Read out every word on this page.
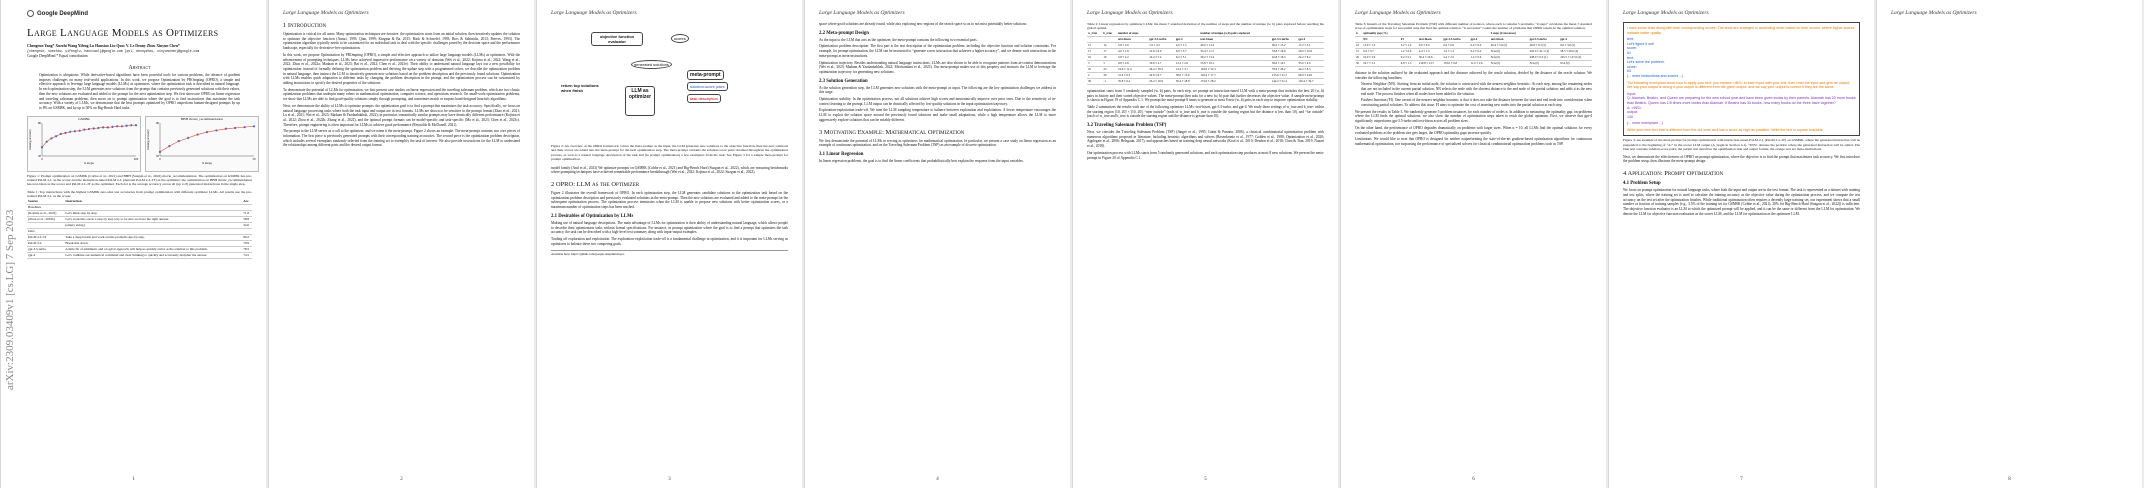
arXiv:2309.03409v1 [cs.LG] 7 Sep 2023
Google DeepMind
Large Language Models as Optimizers
Chengrun Yang* Xuezhi Wang Yifeng Lu Hanxiao Liu Quoc V. Le Denny Zhou Xinyun Chen*
{chengrun, xuezhiw, yifenglu, hanxiaol}@google.com {qvl, dennyzhou, xinyunchen}@google.com
Google DeepMind * Equal contribution
Abstract
Optimization is ubiquitous. While derivative-based algorithms have been powerful tools for various problems, the absence of gradient imposes challenges on many real-world applications. In this work, we propose Optimization by PROmpting (OPRO), a simple and effective approach to leverage large language models (LLMs) as optimizers, where the optimization task is described in natural language. In each optimization step, the LLM generates new solutions from the prompt that contains previously generated solutions with their values, then the new solutions are evaluated and added to the prompt for the next optimization step. We first showcase OPRO on linear regression and traveling salesman problems, then move on to prompt optimization where the goal is to find instructions that maximize the task accuracy. With a variety of LLMs, we demonstrate that the best prompts optimized by OPRO outperform human-designed prompts by up to 8% on GSM8K, and by up to 50% on Big-Bench Hard tasks.
GSM8K
# steps
training accuracy
50
80
0	200
BBH movie_recommendation
# steps
training accuracy
50
90
0	50
Figure 1: Prompt optimization on GSM8K (Cobbe et al., 2021) and BBH (Suzgun et al., 2022) movie_recommendation. The optimization on GSM8K has pre-trained PaLM 2-L as the scorer and the instruction-tuned PaLM 2-L (denoted PaLM 2-L-IT) as the optimizer; the optimization on BBH movie_recommendation has text-bison as the scorer and PaLM 2-L-IT as the optimizer. Each dot is the average accuracy across all (up to 8) generated instructions in the single step.
Table 1: Top instructions with the highest GSM8K zero-shot test accuracies from prompt optimization with different optimizer LLMs. All results use the pre-trained PaLM 2-L as the scorer.
Source	Instruction	Acc
Baselines		
(Kojima et al., 2022)	Let's think step by step.	71.8
(Zhou et al., 2022b)	Let's work this out in a step by step way to be sure we have the right answer.	58.8
	(empty string)	34.0
Ours		
PaLM 2-L-IT	Take a deep breath and work on this problem step-by-step.	80.2
PaLM 2-L	Break this down.	79.9
gpt-3.5-turbo	A little bit of arithmetic and a logical approach will help us quickly arrive at the solution to this problem.	78.5
gpt-4	Let's combine our numerical command and clear thinking to quickly and accurately decipher the answer.	74.5
1
Large Language Models as Optimizers
1 Introduction

Optimization is critical for all areas. Many optimization techniques are iterative: the optimization starts from an initial solution, then iteratively updates the solution to optimize the objective function (Amari, 1993; Qian, 1999; Kingma & Ba, 2015; Bäck & Schwefel, 1993; Rios & Sahinidis, 2013; Reeves, 1993). The optimization algorithm typically needs to be customized for an individual task to deal with the specific challenges posed by the decision space and the performance landscape, especially for derivative-free optimization.

In this work, we propose Optimization by PROmpting (OPRO), a simple and effective approach to utilize large language models (LLMs) as optimizers. With the advancement of prompting techniques, LLMs have achieved impressive performance on a variety of domains (Wei et al., 2022; Kojima et al., 2022; Wang et al., 2022; Zhou et al., 2022a; Madaan et al., 2023; Bai et al., 2022; Chen et al., 2023e). Their ability to understand natural language lays out a new possibility for optimization: instead of formally defining the optimization problem and deriving the update step with a programmed solver, we describe the optimization problem in natural language, then instruct the LLM to iteratively generate new solutions based on the problem description and the previously found solutions. Optimization with LLMs enables quick adaptation to different tasks by changing the problem description in the prompt, and the optimization process can be customized by adding instructions to specify the desired properties of the solutions.

To demonstrate the potential of LLMs for optimization, we first present case studies on linear regression and the traveling salesman problem, which are two classic optimization problems that underpin many others in mathematical optimization, computer science, and operations research. On small-scale optimization problems, we show that LLMs are able to find good-quality solutions simply through prompting, and sometimes match or surpass hand-designed heuristic algorithms.

Next, we demonstrate the ability of LLMs to optimize prompts: the optimization goal is to find a prompt that maximizes the task accuracy. Specifically, we focus on natural language processing tasks where both the task input and output are in text formats. LLMs are shown to be sensitive to the prompt format (Zhao et al., 2021; Lu et al., 2021; Wei et al., 2023; Madaan & Yazdanbakhsh, 2022); in particular, semantically similar prompts may have drastically different performance (Kojima et al., 2022; Zhou et al., 2022b; Zhang et al., 2022), and the optimal prompt formats can be model-specific and task-specific (Ma et al., 2023; Chen et al., 2023c). Therefore, prompt engineering is often important for LLMs to achieve good performance (Reynolds & McDonell, 2021).

The prompt to the LLM serves as a call to the optimizer, and we name it the meta-prompt. Figure 2 shows an example. The meta-prompt contains two core pieces of information. The first piece is previously generated prompts with their corresponding training accuracies. The second piece is the optimization problem description, which includes several exemplars randomly selected from the training set to exemplify the task of interest. We also provide instructions for the LLM to understand the relationships among different parts and the desired output format.

2
Large Language Models as Optimizers
objective function evaluator
scores
generated solutions
LLM as optimizer
return top solutions when finish
meta-prompt
solution-score pairs
task description
Figure 2: An overview of the OPRO framework. Given the meta-prompt as the input, the LLM generates new solutions to the objective function, then the new solutions and their scores are added into the meta-prompt for the next optimization step. The meta-prompt contains the solution-score pairs obtained throughout the optimization process, as well as a natural language description of the task and (in prompt optimization) a few exemplars from the task. See Figure 3 for a sample meta-prompt for prompt optimization.

model family (Anil et al., 2023) We optimize prompts on GSM8K (Cobbe et al., 2021) and Big-Bench Hard (Suzgun et al., 2022), which are reasoning benchmarks where prompting techniques have achieved remarkable performance breakthrough (Wei et al., 2022; Kojima et al., 2022; Suzgun et al., 2022).

2 OPRO: LLM as the Optimizer

Figure 2 illustrates the overall framework of OPRO. In each optimization step, the LLM generates candidate solutions to the optimization task based on the optimization problem description and previously evaluated solutions in the meta-prompt. Then the new solutions are evaluated and added to the meta-prompt for the subsequent optimization process. The optimization process terminates when the LLM is unable to propose new solutions with better optimization scores, or a maximum number of optimization steps has been reached.

2.1 Desirables of Optimization by LLMs

Making use of natural language descriptions. The main advantage of LLMs for optimization is their ability of understanding natural language, which allows people to describe their optimization tasks without formal specifications. For instance, in prompt optimization where the goal is to find a prompt that optimizes the task accuracy, the task can be described with a high-level text summary along with input-output examples.

Trading off exploration and exploitation. The exploration-exploitation trade-off is a fundamental challenge in optimization, and it is important for LLMs serving as optimizers to balance these two competing goals.

Available here: https://github.com/google-deepmind/opro
3
Large Language Models as Optimizers

space where good solutions are already found, while also exploring new regions of the search space so as to not miss potentially better solutions.

2.2 Meta-prompt Design

As the input to the LLM that acts as the optimizer, the meta-prompt contains the following two essential parts.

Optimization problem description. The first part is the text description of the optimization problem, including the objective function and solution constraints. For example, for prompt optimization, the LLM can be instructed to “generate a new instruction that achieves a higher accuracy”, and we denote such instructions in the meta-prompt as meta-instructions.

Optimization trajectory. Besides understanding natural language instructions, LLMs are also shown to be able to recognize patterns from in-context demonstrations (Wei et al., 2023; Madaan & Yazdanbakhsh, 2022; Mirchandani et al., 2023). Our meta-prompt makes use of this property and instructs the LLM to leverage the optimization trajectory for generating new solutions.

2.3 Solution Generation

At the solution generation step, the LLM generates new solutions with the meta-prompt as input. The following are the key optimization challenges we address in this stage.

Optimization stability. In the optimization process, not all solutions achieve high scores and monotonically improve over prior ones. Due to the sensitivity of in-context learning to the prompt, LLM output can be drastically affected by low-quality solutions in the input optimization trajectory.

Exploration-exploitation trade-off. We tune the LLM sampling temperature to balance between exploration and exploitation. A lower temperature encourages the LLM to exploit the solution space around the previously found solutions and make small adaptations, while a high temperature allows the LLM to more aggressively explore solutions that can be notably different.

3 Motivating Example: Mathematical Optimization

We first demonstrate the potential of LLMs in serving as optimizers for mathematical optimization. In particular, we present a case study on linear regression as an example of continuous optimization, and on the Traveling Salesman Problem (TSP) as an example of discrete optimization.

3.1 Linear Regression

In linear regression problems, the goal is to find the linear coefficients that probabilistically best explain the response from the input variables.

4
Large Language Models as Optimizers
Table 2: Linear regression by optimizer LLMs: the mean ± standard deviation of the number of steps and the number of unique (w, b) pairs explored before reaching the global optima.
w_true	b_true	number of steps				number of unique (w,b) pairs explored			
		text-bison	gpt-3.5-turbo	gpt-4		text-bison	gpt-3.5-turbo	gpt-4	
15	14	5.8 ± 2.6	7.6 ± 4.5	4.0 ± 1.5		40.0 ± 12.4	36.0 ± 15.2	17.2 ± 5.1	
17	17	4.0 ± 1.8	12.6 ± 6.0	6.0 ± 3.7		33.4 ± 11.7	53.8 ± 16.9	26.0 ± 10.6	
16	10	3.8 ± 2.2	10.4 ± 5.4	6.2 ± 3.1		30.2 ± 13.4	42.8 ± 16.3	24.2 ± 8.2	
3	5	9.8 ± 2.8	10.8 ± 2.7	12.2 ± 2.0		55.8 ± 16.1	39.6 ± 10.1	33.0 ± 4.0	
25	23	19.6 ± 11.4	26.4 ± 18.3	12.2 ± 3.7		104.0 ± 52.3	78.6 ± 26.2	44.2 ± 8.3	
2	30	31.4 ± 6.3	42.8 ± 9.7	38.0 ± 15.9		126.4 ± 17.7	125.6 ± 21.7	99.0 ± 24.6	
36	-1	35.8 ± 6.4	45.4 ± 16.9	50.4 ± 18.8		174.0 ± 28.2	142.2 ± 31.2	116.4 ± 32.7	

optimization starts from 5 randomly sampled (w, b) pairs. In each step, we prompt an instruction-tuned LLM with a meta-prompt that includes the best 20 (w, b) pairs in history and their sorted objective values. The meta-prompt then asks for a new (w, b) pair that further decreases the objective value. A sample meta-prompt is shown in Figure 19 of Appendix C.1. We prompt the meta-prompt 8 times to generate at most 8 new (w, b) pairs in each step to improve optimization stability.

Table 2 summarizes the results with one of the following optimizer LLMs: text-bison, gpt-3.5-turbo, and gpt-4. We study three settings of w_true and b_true: within the starting region [10, 20] × [10, 20], “near outside” (each of w_true and b_true is outside the starting region but the distance is less than 10), and “far outside” (each of w_true and b_true is outside the starting region and the distance is greater than 10).

3.2 Traveling Salesman Problem (TSP)

Next, we consider the Traveling Salesman Problem (TSP) (Jünger et al., 1995; Gutin & Punnen, 2006), a classical combinatorial optimization problem with numerous algorithms proposed in literature, including heuristic algorithms and solvers (Rosenkrantz et al., 1977; Golden et al., 1980; Optimization et al., 2020; Applegate et al., 2006; Helsgaun, 2017), and approaches based on training deep neural networks (Kool et al., 2019; Deudon et al., 2018; Chen & Tian, 2019; Nazari et al., 2018).

Our optimization process with LLMs starts from 5 randomly generated solutions, and each optimization step produces at most 8 new solutions. We present the meta-prompt in Figure 20 of Appendix C.1.

5
Large Language Models as Optimizers
Table 3: Results of the Traveling Salesman Problem (TSP) with different number of nodes n, where each n contains 5 problems. “# steps” calculates the mean ± standard error of optimization steps for successful runs that find the optimal solution. “# successes” counts the number of problems that OPRO results in the optimal solution.
n	optimality gap (%)					# steps (# successes)		
	NN	FI	text-bison	gpt-3.5-turbo	gpt-4	text-bison	gpt-3.5-turbo	gpt-4
10	13.0 ± 1.3	3.2 ± 1.4	0.0 ± 0.0	0.0 ± 0.0	0.0 ± 0.0	40.4 ± 5.6 (5)	46.8 ± 9.3 (5)	9.6 ± 3.0 (5)
15	9.4 ± 3.7	1.2 ± 0.6	4.4 ± 1.3	1.2 ± 1.1	0.2 ± 0.2	N/A (0)	202.0 ± 41.1 (4)	58.5 ± 29.0 (4)
20	16.0 ± 3.9	0.2 ± 0.1	30.4 ± 10.6	4.4 ± 2.5	1.4 ± 0.6	N/A (0)	438.0 ± 0.0 (1)	195.5 ± 127.6 (2)
50	19.7 ± 3.1	9.8 ± 1.5	219.8 ± 13.7	133.0 ± 6.8	11.0 ± 2.6	N/A (0)	N/A (0)	N/A (0)

distance in the solution outlined by the evaluated approach and the distance achieved by the oracle solution, divided by the distance of the oracle solution. We consider the following baselines:

Nearest Neighbor (NN). Starting from an initial node, the solution is constructed with the nearest neighbor heuristic: At each step, among the remaining nodes that are not included in the current partial solution, NN selects the node with the shortest distance to the end node of the partial solution, and adds it as the new end node. The process finishes when all nodes have been added to the solution.

Farthest Insertion (FI). One caveat of the nearest neighbor heuristic is that it does not take the distance between the start and end node into consideration when constructing partial solutions. To address this issue, FI aims to optimize the cost of inserting new nodes into the partial solution at each step.

We present the results in Table 3. We randomly generate 5 problem instances for each number of nodes n. In addition to measuring the optimality gap, on problems where the LLM finds the optimal solutions, we also show the number of optimization steps taken to reach the global optimum. First, we observe that gpt-4 significantly outperforms gpt-3.5-turbo and text-bison across all problem sizes.

On the other hand, the performance of OPRO degrades dramatically on problems with larger sizes. When n = 10, all LLMs find the optimal solutions for every evaluated problem; as the problem size gets larger, the OPRO optimality gaps increase quickly.

Limitations. We would like to note that OPRO is designed for neither outperforming the state-of-the-art gradient-based optimization algorithms for continuous mathematical optimization, nor surpassing the performance of specialized solvers for classical combinatorial optimization problems such as TSP.

6
Large Language Models as Optimizers
I have some texts along with their corresponding scores. The texts are arranged in ascending order based on their scores, where higher scores indicate better quality.
text:
Let's figure it out!
score:
61
text:
Let's solve the problem.
score:
63
(... more instructions and scores ...)
The following exemplars show how to apply your text: you replace <INS> in each input with your text, then read the input and give an output. We say your output is wrong if your output is different from the given output, and we say your output is correct if they are the same.
input:
Q: Alannah, Beatrix, and Queen are preparing for the new school year and have been given books by their parents. Alannah has 20 more books than Beatrix. Queen has 1/5 times more books than Alannah. If Beatrix has 30 books, how many books do the three have together?
A: <INS>
output:
140
(... more exemplars ...)
Write your new text that is different from the old ones and has a score as high as possible. Write the text in square brackets.
Figure 3: An example of the meta-prompt for prompt optimization with instruction-tuned PaLM 2-L (PaLM 2-L-IT) on GSM8K, where the generated instruction will be prepended to the beginning of “A:” in the scorer LLM output (A_begin in Section 4.1). <INS> denotes the position where the generated instruction will be added. The blue text contains solution-score pairs; the purple text describes the optimization task and output format; the orange text are meta-instructions.

Next, we demonstrate the effectiveness of OPRO on prompt optimization, where the objective is to find the prompt that maximizes task accuracy. We first introduce the problem setup, then illustrate the meta-prompt design.

4 Application: Prompt Optimization
4.1 Problem Setup

We focus on prompt optimization for natural language tasks, where both the input and output are in the text format. The task is represented as a dataset with training and test splits, where the training set is used to calculate the training accuracy as the objective value during the optimization process, and we compute the test accuracy on the test set after the optimization finishes. While traditional optimization often requires a decently large training set, our experiment shows that a small number or fraction of training samples (e.g., 3.5% of the training set for GSM8K (Cobbe et al., 2021), 20% for Big-Bench Hard (Suzgun et al., 2022)) is sufficient. The objective function evaluator is an LLM to which the optimized prompt will be applied, and it can be the same or different from the LLM for optimization. We denote the LLM for objective function evaluation as the scorer LLM, and the LLM for optimization as the optimizer LLM.

7
Large Language Models as Optimizers
8
